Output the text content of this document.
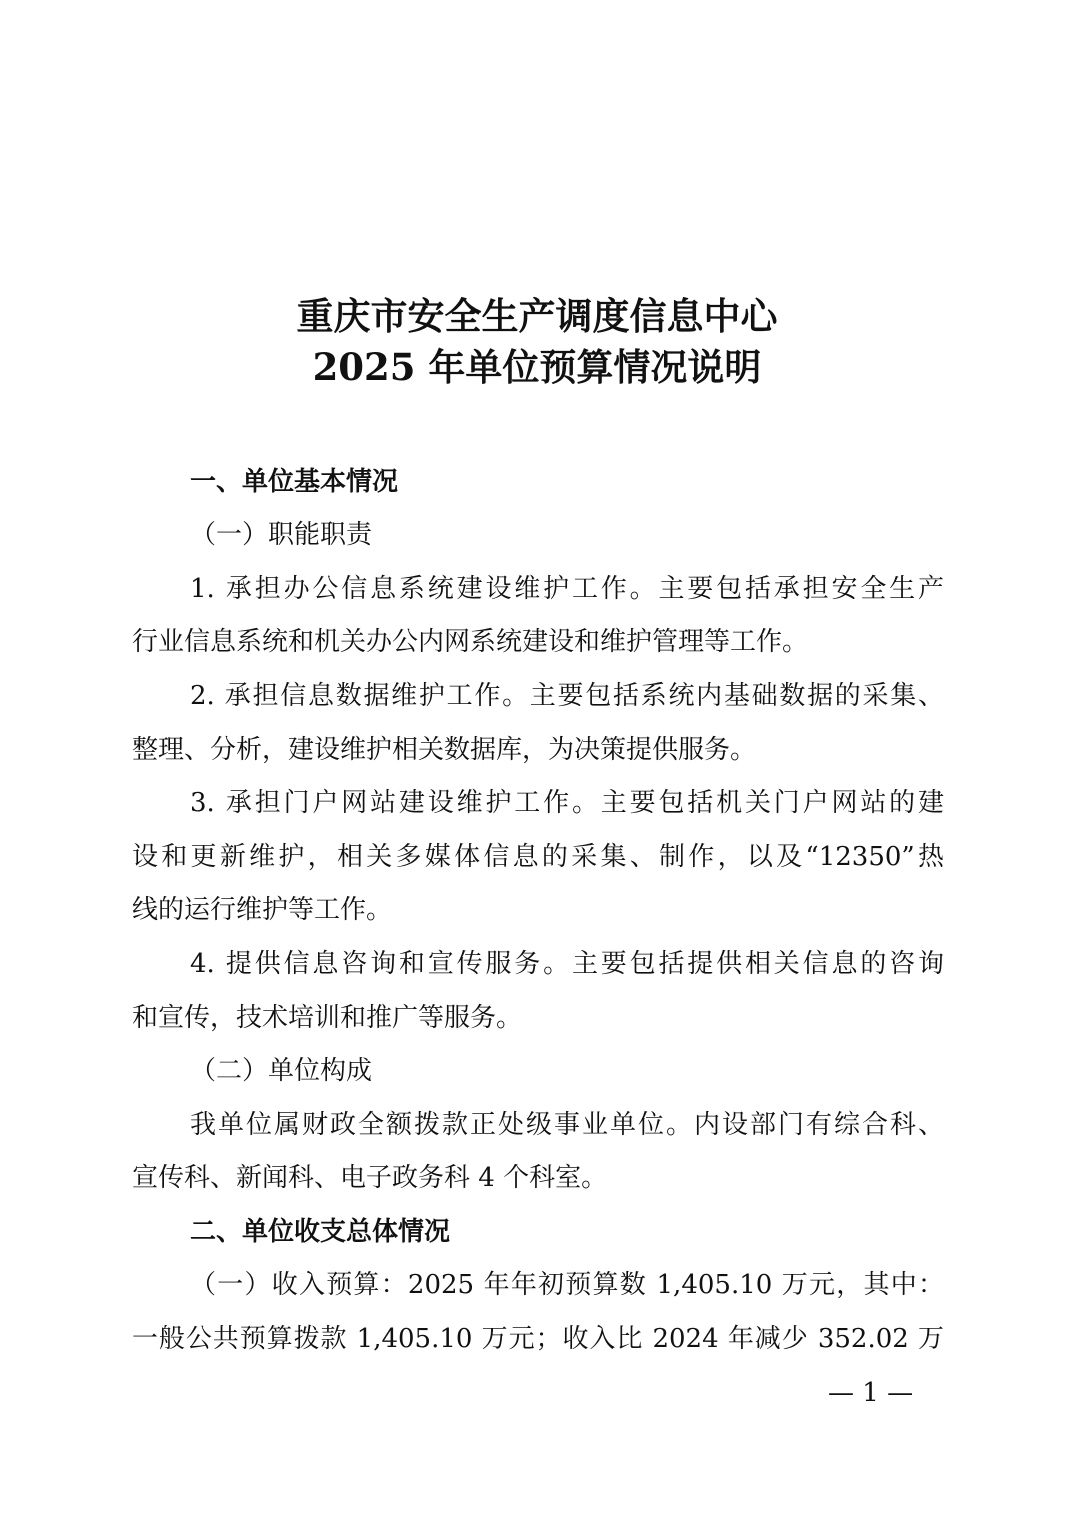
重庆市安全生产调度信息中心
2025 年单位预算情况说明
一、单位基本情况
（一）职能职责
1. 承担办公信息系统建设维护工作。主要包括承担安全生产
行业信息系统和机关办公内网系统建设和维护管理等工作。
2. 承担信息数据维护工作。主要包括系统内基础数据的采集、
整理、分析，建设维护相关数据库，为决策提供服务。
3. 承担门户网站建设维护工作。主要包括机关门户网站的建
设和更新维护，相关多媒体信息的采集、制作，以及“12350”热
线的运行维护等工作。
4. 提供信息咨询和宣传服务。主要包括提供相关信息的咨询
和宣传，技术培训和推广等服务。
（二）单位构成
我单位属财政全额拨款正处级事业单位。内设部门有综合科、
宣传科、新闻科、电子政务科 4 个科室。
二、单位收支总体情况
（一）收入预算：2025 年年初预算数 1,405.10 万元，其中：
一般公共预算拨款 1,405.10 万元；收入比 2024 年减少 352.02 万
— 1 —
